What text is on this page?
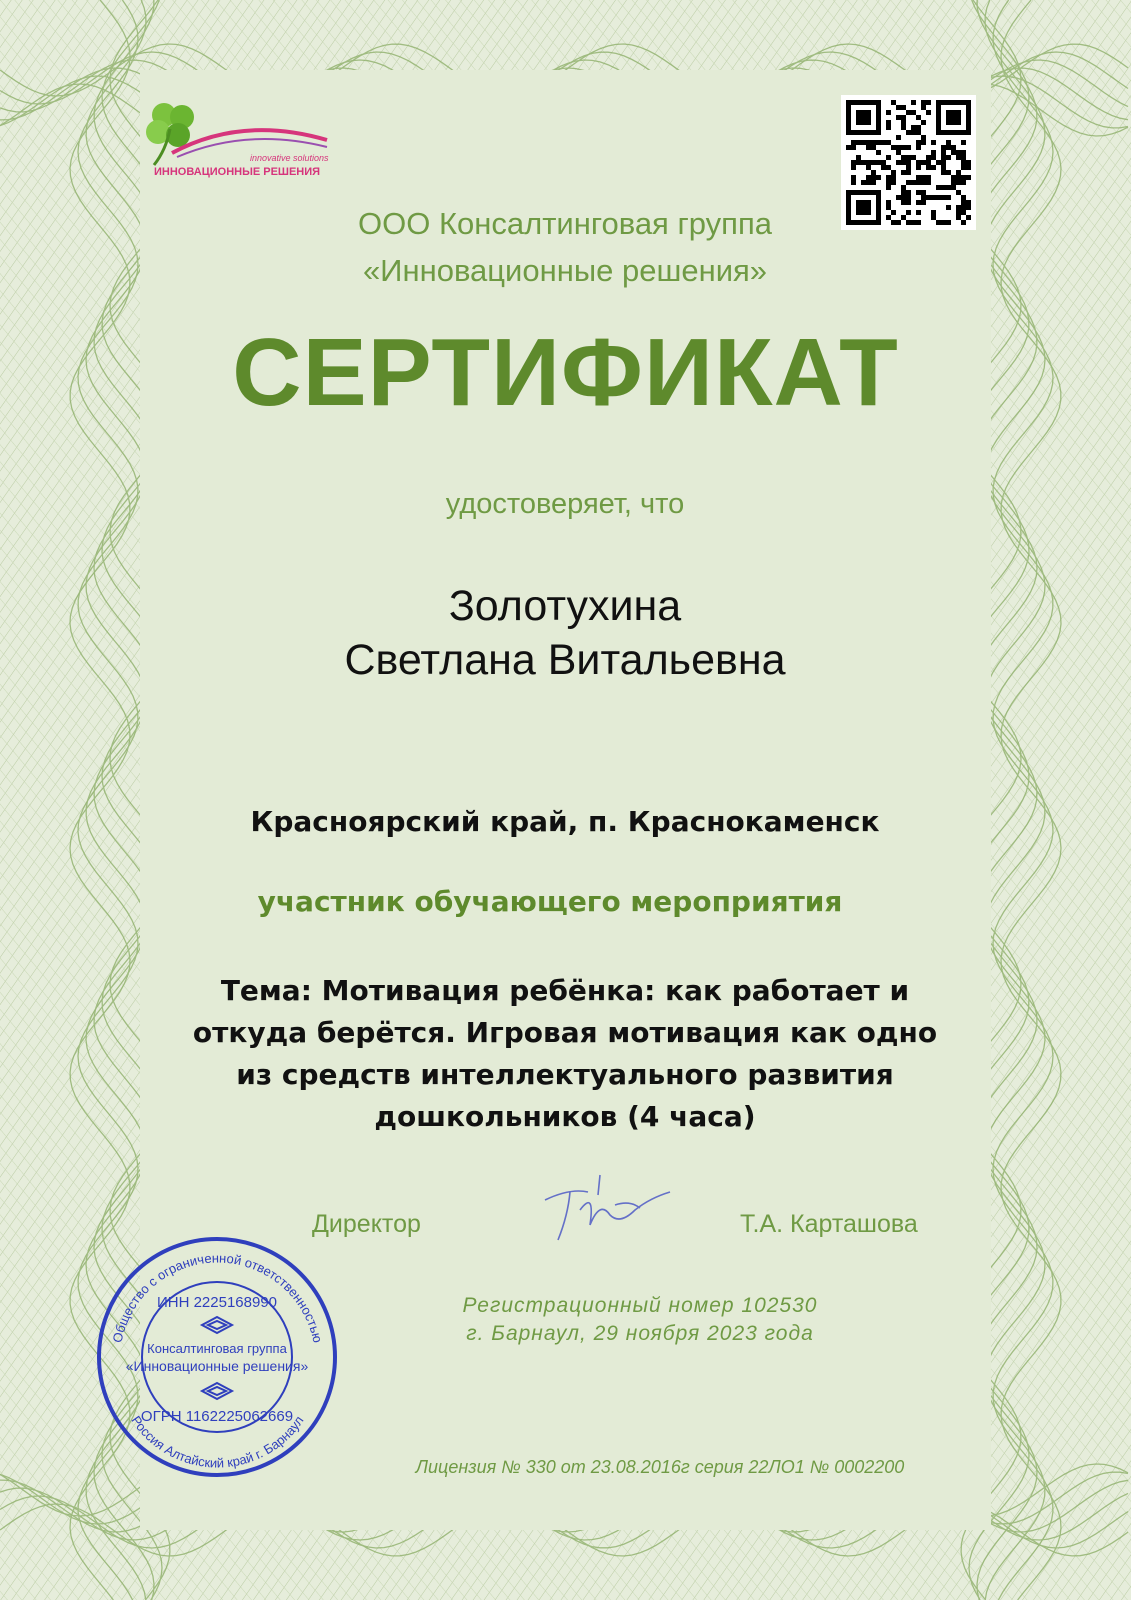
innovative solutions
ИННОВАЦИОННЫЕ РЕШЕНИЯ
ООО Консалтинговая группа
«Инновационные решения»
СЕРТИФИКАТ
удостоверяет, что
Золотухина
Светлана Витальевна
Красноярский край, п. Краснокаменск
участник обучающего мероприятия
Тема: Мотивация ребёнка: как работает и
откуда берётся. Игровая мотивация как одно
из средств интеллектуального развития
дошкольников (4 часа)
Директор	Т.А. Карташова
Общество с ограниченной ответственностью
Россия Алтайский край г. Барнаул
ИНН 2225168990
Консалтинговая группа
«Инновационные решения»
ОГРН 1162225062669
Регистрационный номер 102530
г. Барнаул, 29 ноября 2023 года
Лицензия № 330 от 23.08.2016г серия 22ЛО1 № 0002200
